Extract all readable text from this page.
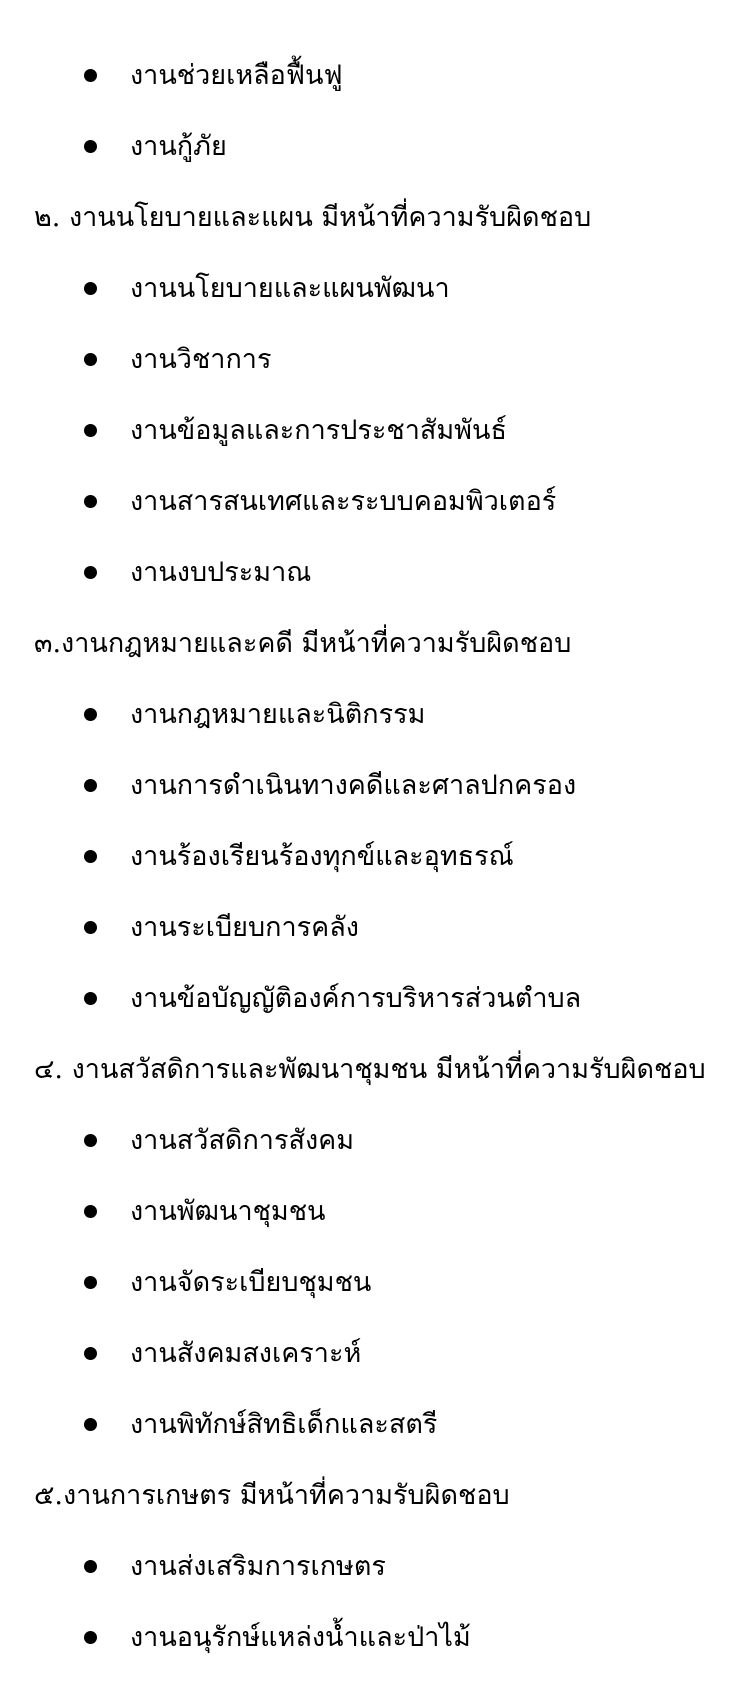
งานช่วยเหลือฟื้นฟู
งานกู้ภัย
๒. งานนโยบายและแผน มีหน้าที่ความรับผิดชอบ
งานนโยบายและแผนพัฒนา
งานวิชาการ
งานข้อมูลและการประชาสัมพันธ์
งานสารสนเทศและระบบคอมพิวเตอร์
งานงบประมาณ
๓.งานกฎหมายและคดี มีหน้าที่ความรับผิดชอบ
งานกฎหมายและนิติกรรม
งานการดำเนินทางคดีและศาลปกครอง
งานร้องเรียนร้องทุกข์และอุทธรณ์
งานระเบียบการคลัง
งานข้อบัญญัติองค์การบริหารส่วนตำบล
๔. งานสวัสดิการและพัฒนาชุมชน มีหน้าที่ความรับผิดชอบ
งานสวัสดิการสังคม
งานพัฒนาชุมชน
งานจัดระเบียบชุมชน
งานสังคมสงเคราะห์
งานพิทักษ์สิทธิเด็กและสตรี
๕.งานการเกษตร มีหน้าที่ความรับผิดชอบ
งานส่งเสริมการเกษตร
งานอนุรักษ์แหล่งน้ำและป่าไม้
